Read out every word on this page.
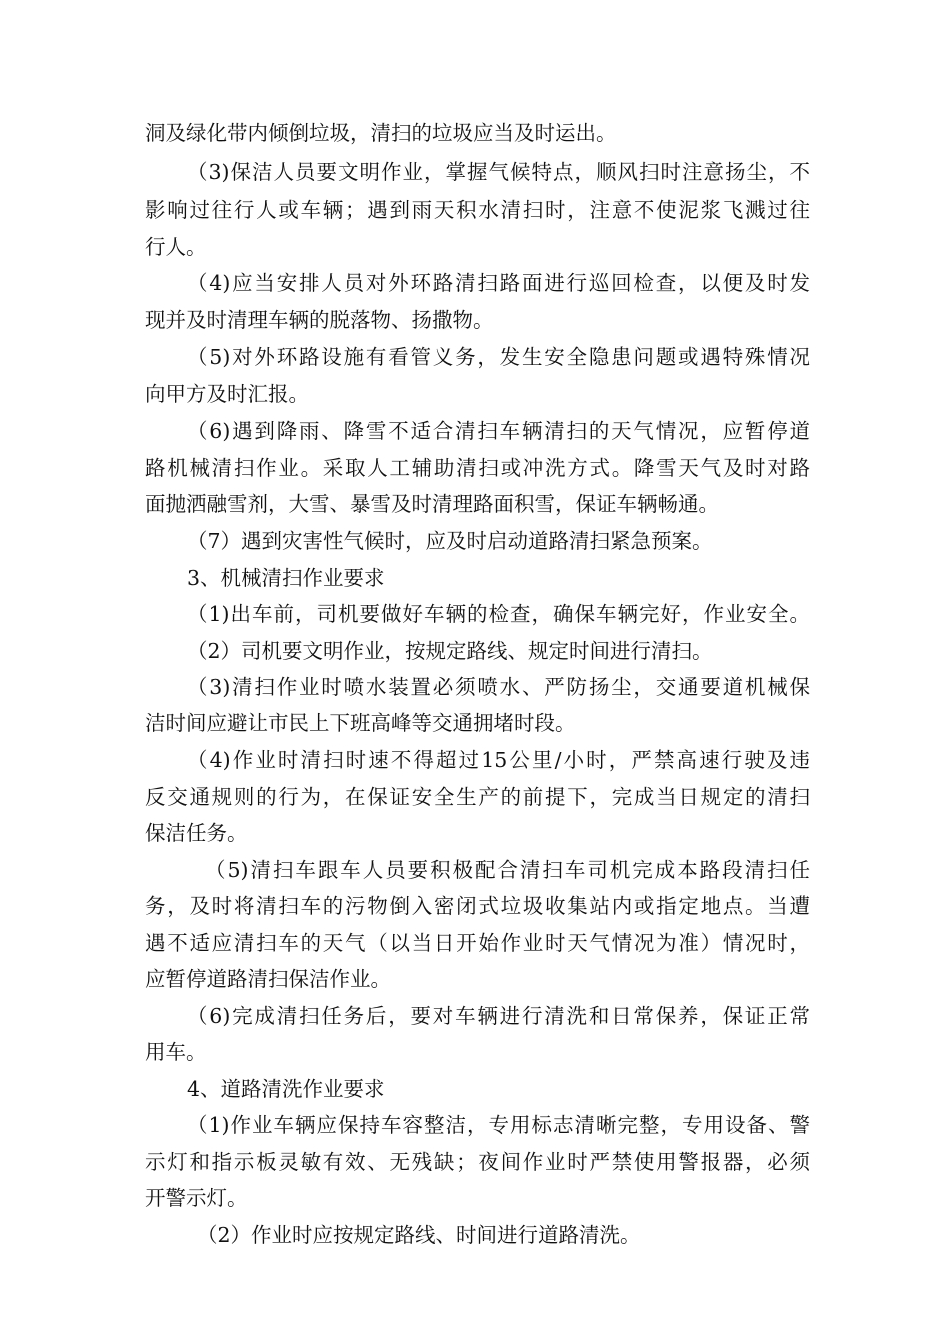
洞及绿化带内倾倒垃圾，清扫的垃圾应当及时运出。
（3)保洁人员要文明作业，掌握气候特点，顺风扫时注意扬尘，不
影响过往行人或车辆；遇到雨天积水清扫时，注意不使泥浆飞溅过往
行人。
（4)应当安排人员对外环路清扫路面进行巡回检查，以便及时发
现并及时清理车辆的脱落物、扬撒物。
（5)对外环路设施有看管义务，发生安全隐患问题或遇特殊情况
向甲方及时汇报。
（6)遇到降雨、降雪不适合清扫车辆清扫的天气情况，应暂停道
路机械清扫作业。采取人工辅助清扫或冲洗方式。降雪天气及时对路
面抛洒融雪剂，大雪、暴雪及时清理路面积雪，保证车辆畅通。
（7）遇到灾害性气候时，应及时启动道路清扫紧急预案。
3、机械清扫作业要求
（1)出车前，司机要做好车辆的检查，确保车辆完好，作业安全。
（2）司机要文明作业，按规定路线、规定时间进行清扫。
（3)清扫作业时喷水装置必须喷水、严防扬尘，交通要道机械保
洁时间应避让市民上下班高峰等交通拥堵时段。
（4)作业时清扫时速不得超过15公里/小时，严禁高速行驶及违
反交通规则的行为，在保证安全生产的前提下，完成当日规定的清扫
保洁任务。
（5)清扫车跟车人员要积极配合清扫车司机完成本路段清扫任
务，及时将清扫车的污物倒入密闭式垃圾收集站内或指定地点。当遭
遇不适应清扫车的天气（以当日开始作业时天气情况为准）情况时，
应暂停道路清扫保洁作业。
（6)完成清扫任务后，要对车辆进行清洗和日常保养，保证正常
用车。
4、道路清洗作业要求
（1)作业车辆应保持车容整洁，专用标志清晰完整，专用设备、警
示灯和指示板灵敏有效、无残缺；夜间作业时严禁使用警报器，必须
开警示灯。
（2）作业时应按规定路线、时间进行道路清洗。
